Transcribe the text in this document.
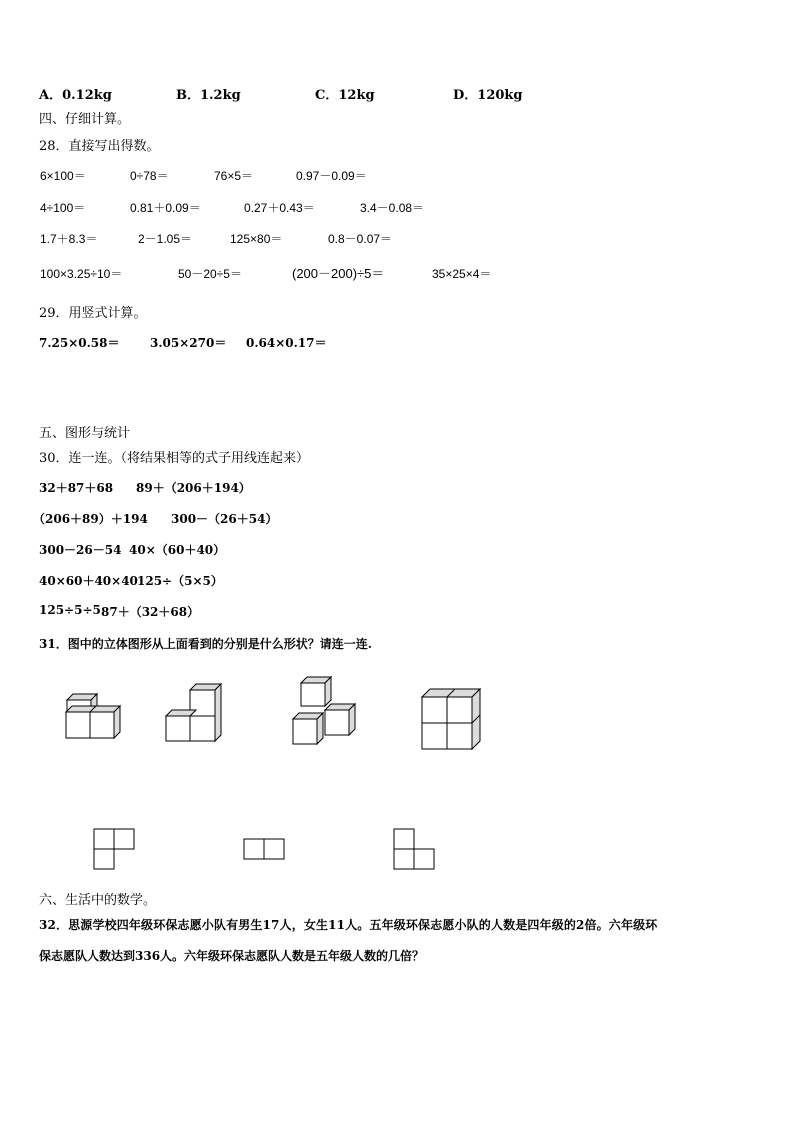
A．0.12kg	B．1.2kg	C．12kg	D．120kg
四、仔细计算。
28．直接写出得数。
6×100＝	0÷78＝	76×5＝	0.97－0.09＝
4÷100＝	0.81＋0.09＝	0.27＋0.43＝	3.4－0.08＝
1.7＋8.3＝	2－1.05＝	125×80＝	0.8－0.07＝
100×3.25÷10＝	50－20÷5＝	(200－200)÷5＝	35×25×4＝
29．用竖式计算。
7.25×0.58＝	3.05×270＝ 0.64×0.17＝
五、图形与统计
30．连一连。（将结果相等的式子用线连起来）
32＋87＋68 89＋（206＋194）
（206＋89）＋194 300－（26＋54）
300－26－54 40×（60＋40）
40×60＋40×40 125÷（5×5）
125÷5÷5 87＋（32＋68）
31．图中的立体图形从上面看到的分别是什么形状？请连一连.
六、生活中的数学。
32．思源学校四年级环保志愿小队有男生17人，女生11人。五年级环保志愿小队的人数是四年级的2倍。六年级环
保志愿队人数达到336人。六年级环保志愿队人数是五年级人数的几倍？
